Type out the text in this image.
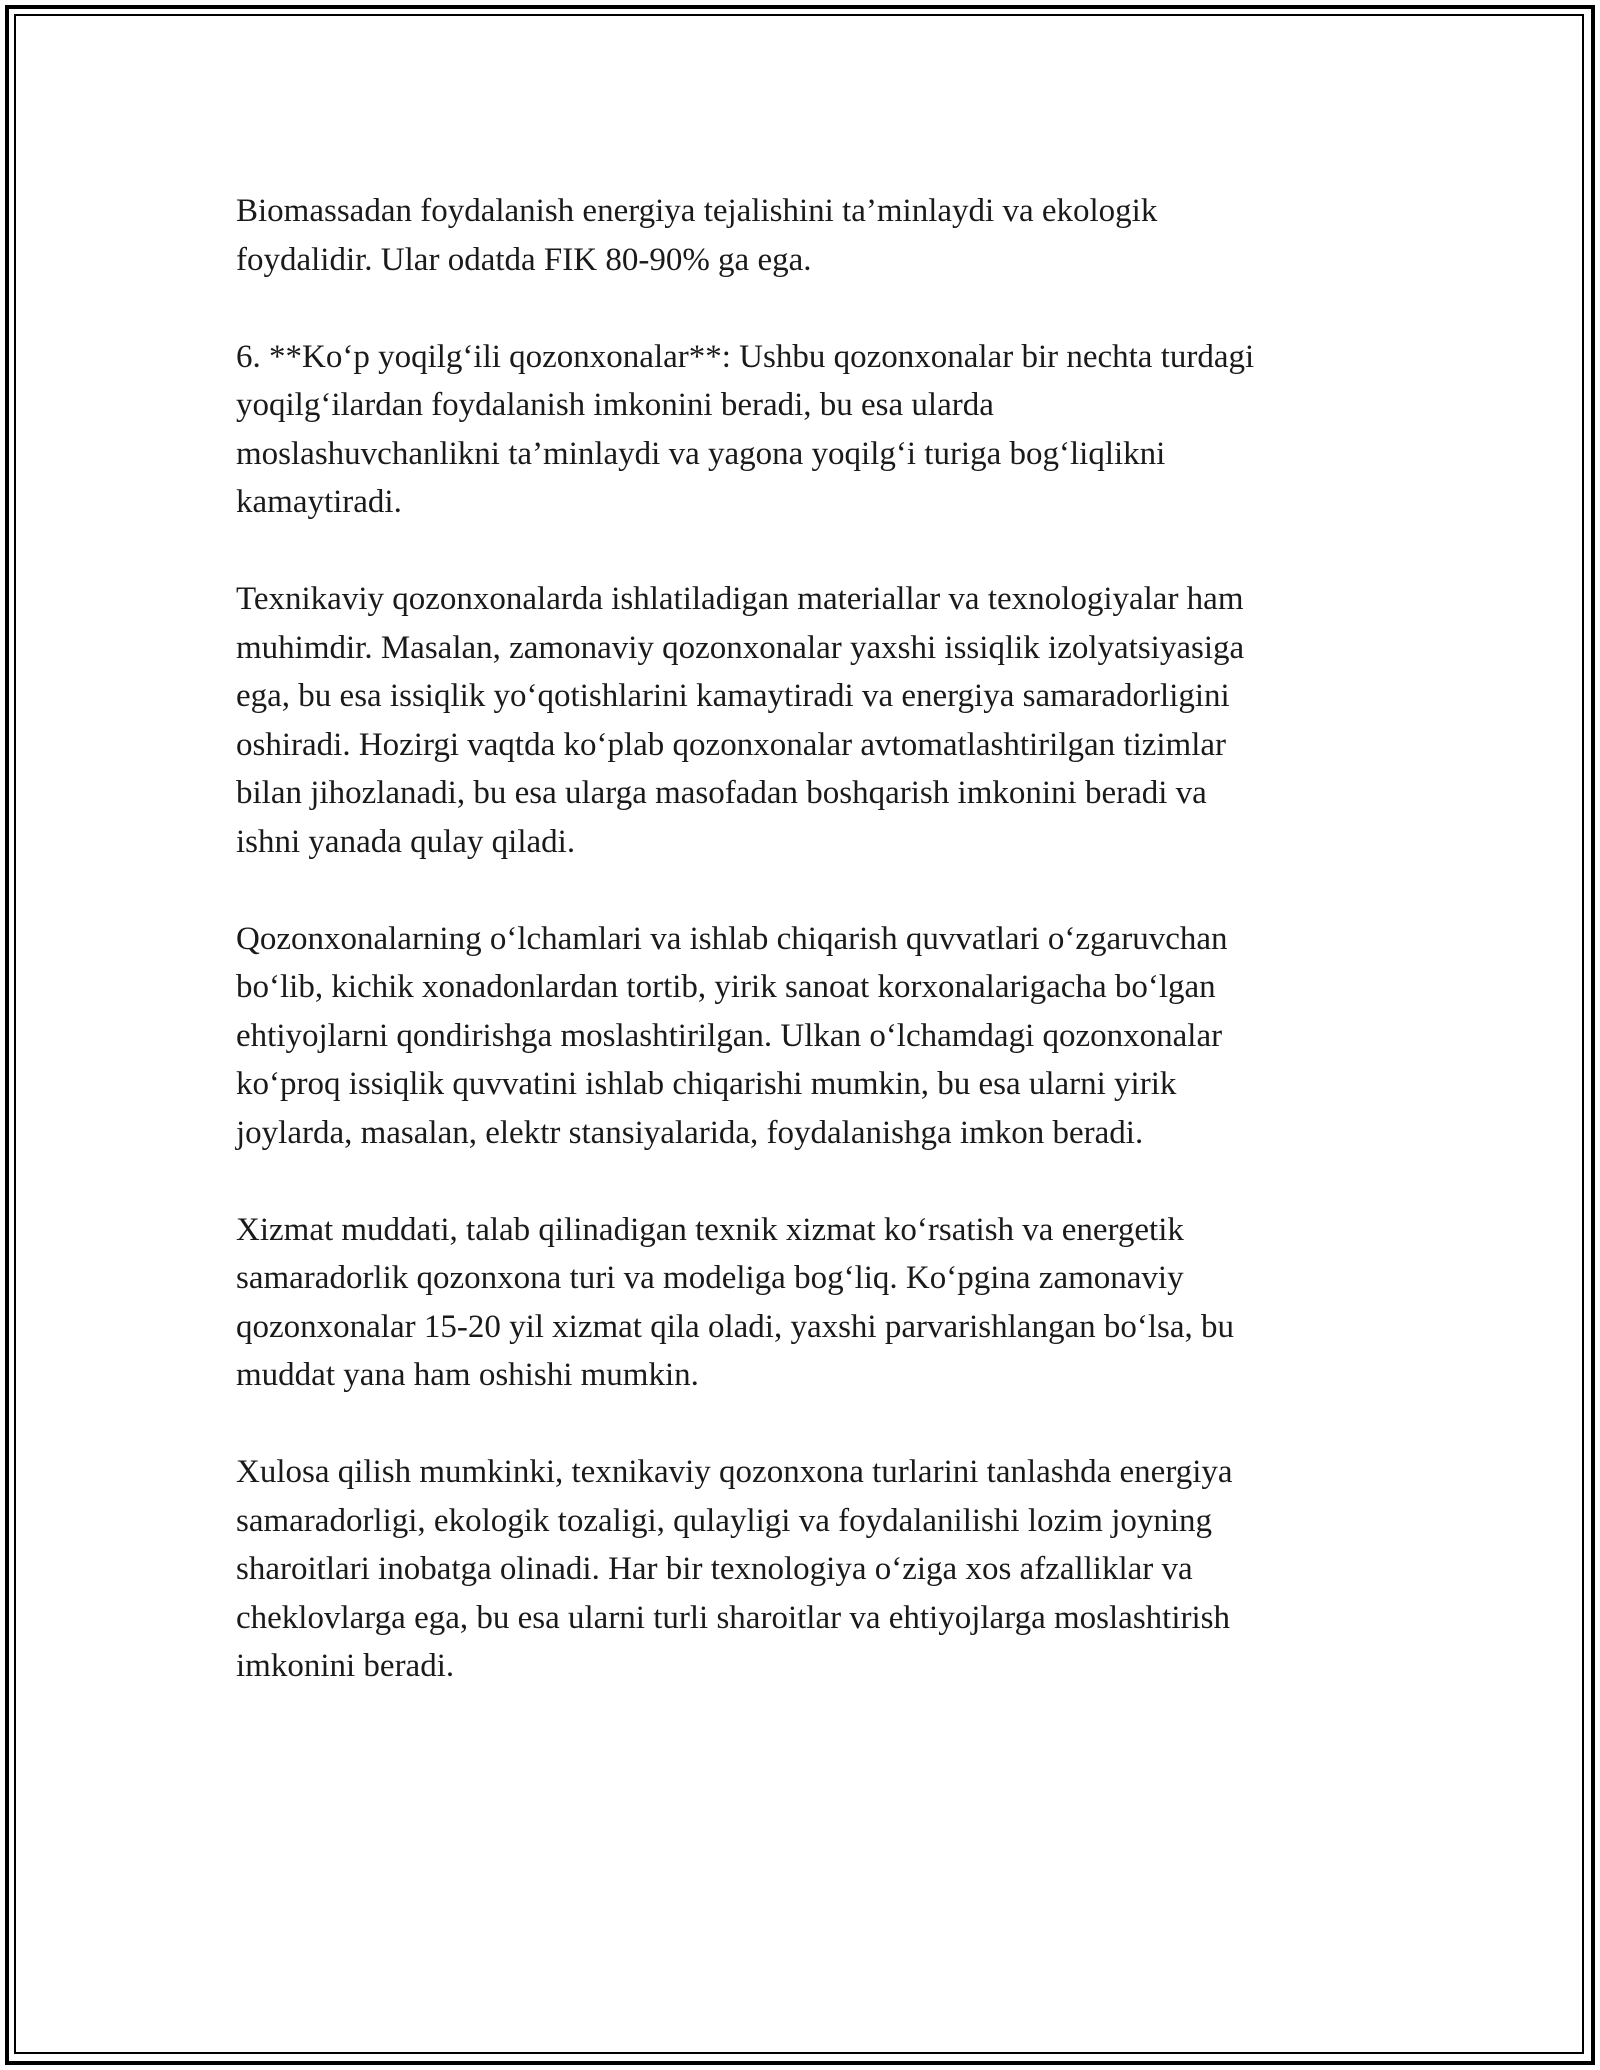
Biomassadan foydalanish energiya tejalishini ta’minlaydi va ekologik
foydalidir. Ular odatda FIK 80-90% ga ega.

6. **Ko‘p yoqilg‘ili qozonxonalar**: Ushbu qozonxonalar bir nechta turdagi
yoqilg‘ilardan foydalanish imkonini beradi, bu esa ularda
moslashuvchanlikni ta’minlaydi va yagona yoqilg‘i turiga bog‘liqlikni
kamaytiradi.

Texnikaviy qozonxonalarda ishlatiladigan materiallar va texnologiyalar ham
muhimdir. Masalan, zamonaviy qozonxonalar yaxshi issiqlik izolyatsiyasiga
ega, bu esa issiqlik yo‘qotishlarini kamaytiradi va energiya samaradorligini
oshiradi. Hozirgi vaqtda ko‘plab qozonxonalar avtomatlashtirilgan tizimlar
bilan jihozlanadi, bu esa ularga masofadan boshqarish imkonini beradi va
ishni yanada qulay qiladi.

Qozonxonalarning o‘lchamlari va ishlab chiqarish quvvatlari o‘zgaruvchan
bo‘lib, kichik xonadonlardan tortib, yirik sanoat korxonalarigacha bo‘lgan
ehtiyojlarni qondirishga moslashtirilgan. Ulkan o‘lchamdagi qozonxonalar
ko‘proq issiqlik quvvatini ishlab chiqarishi mumkin, bu esa ularni yirik
joylarda, masalan, elektr stansiyalarida, foydalanishga imkon beradi.

Xizmat muddati, talab qilinadigan texnik xizmat ko‘rsatish va energetik
samaradorlik qozonxona turi va modeliga bog‘liq. Ko‘pgina zamonaviy
qozonxonalar 15-20 yil xizmat qila oladi, yaxshi parvarishlangan bo‘lsa, bu
muddat yana ham oshishi mumkin.

Xulosa qilish mumkinki, texnikaviy qozonxona turlarini tanlashda energiya
samaradorligi, ekologik tozaligi, qulayligi va foydalanilishi lozim joyning
sharoitlari inobatga olinadi. Har bir texnologiya o‘ziga xos afzalliklar va
cheklovlarga ega, bu esa ularni turli sharoitlar va ehtiyojlarga moslashtirish
imkonini beradi.
